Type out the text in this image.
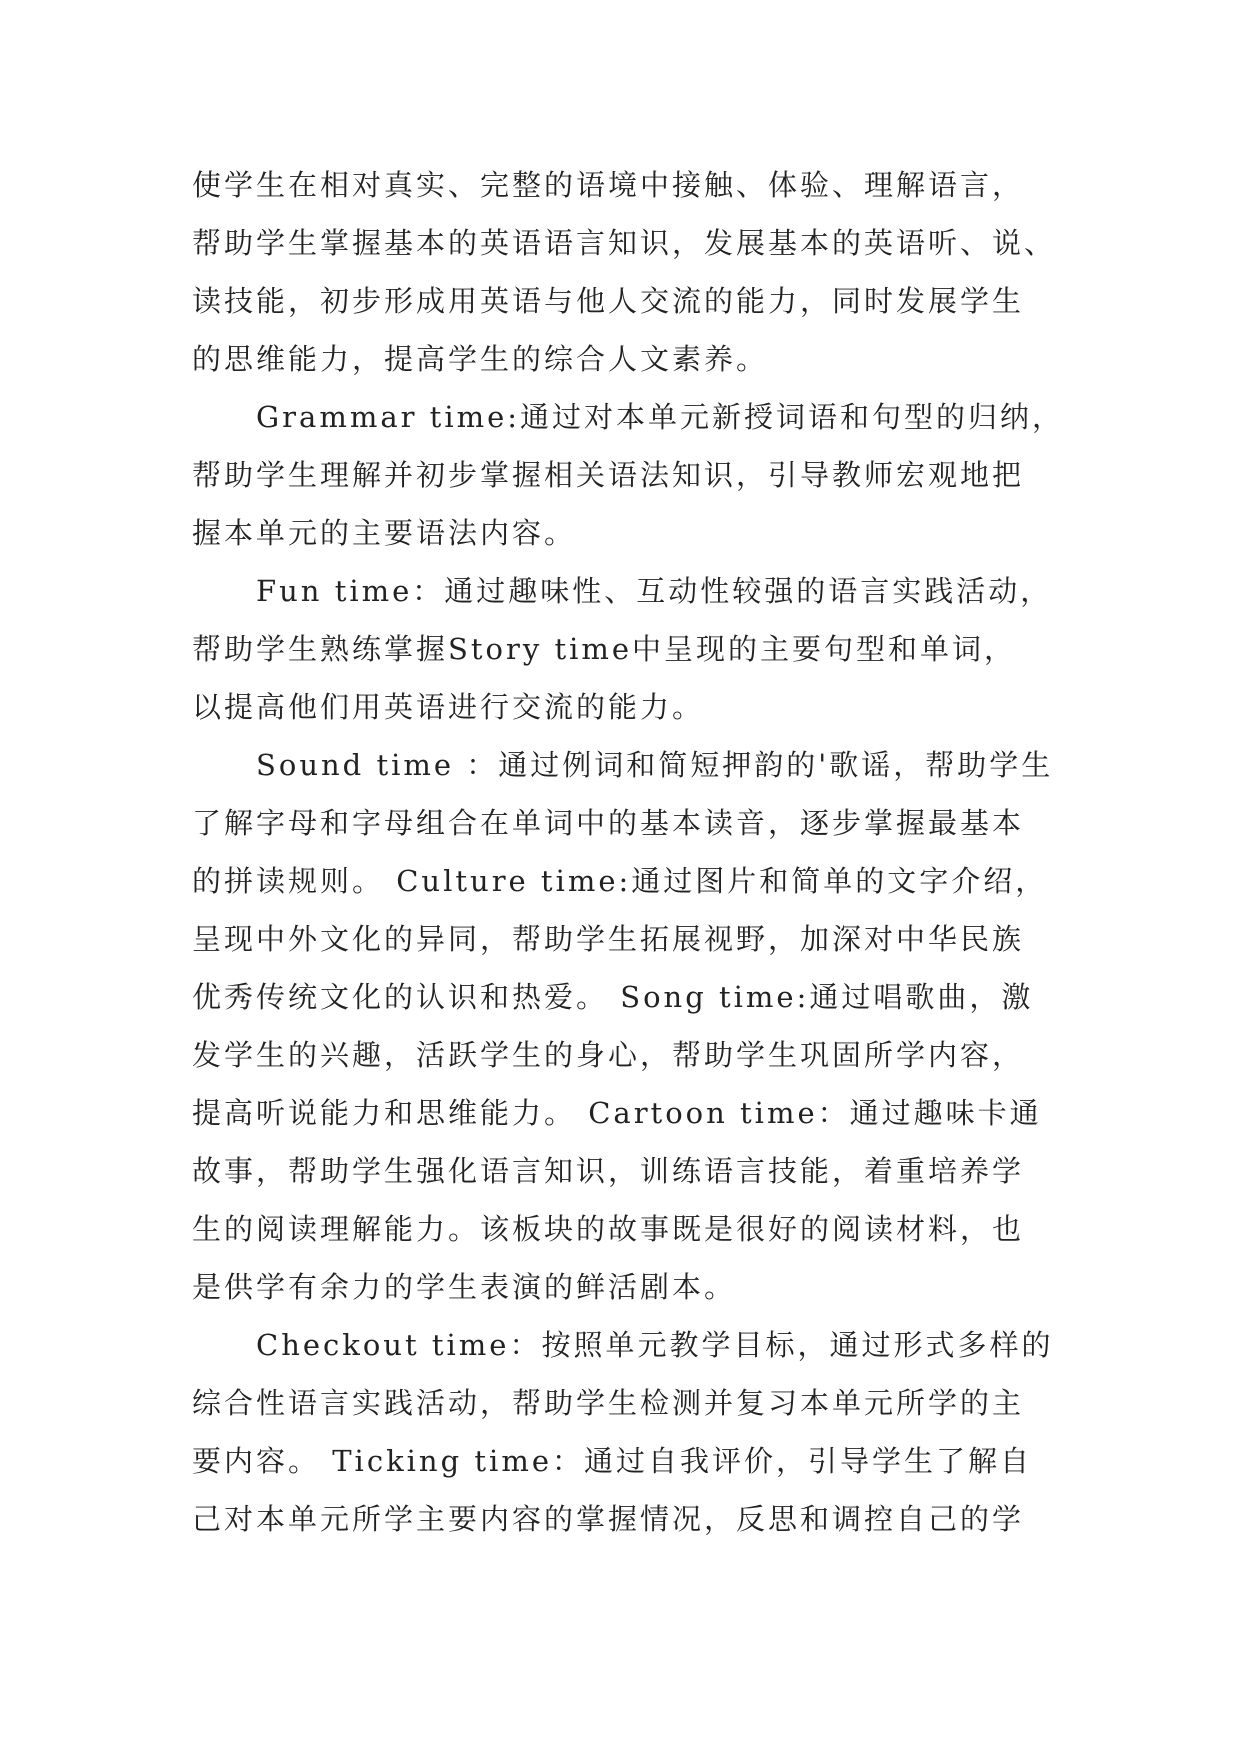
使学生在相对真实、完整的语境中接触、体验、理解语言，
帮助学生掌握基本的英语语言知识，发展基本的英语听、说、
读技能，初步形成用英语与他人交流的能力，同时发展学生
的思维能力，提高学生的综合人文素养。
　　Grammar time:通过对本单元新授词语和句型的归纳，
帮助学生理解并初步掌握相关语法知识，引导教师宏观地把
握本单元的主要语法内容。
　　Fun time：通过趣味性、互动性较强的语言实践活动，
帮助学生熟练掌握Story time中呈现的主要句型和单词，
以提高他们用英语进行交流的能力。
　　Sound time ：通过例词和简短押韵的'歌谣，帮助学生
了解字母和字母组合在单词中的基本读音，逐步掌握最基本
的拼读规则。 Culture time:通过图片和简单的文字介绍，
呈现中外文化的异同，帮助学生拓展视野，加深对中华民族
优秀传统文化的认识和热爱。 Song time:通过唱歌曲，激
发学生的兴趣，活跃学生的身心，帮助学生巩固所学内容，
提高听说能力和思维能力。 Cartoon time：通过趣味卡通
故事，帮助学生强化语言知识，训练语言技能，着重培养学
生的阅读理解能力。该板块的故事既是很好的阅读材料，也
是供学有余力的学生表演的鲜活剧本。
　　Checkout time：按照单元教学目标，通过形式多样的
综合性语言实践活动，帮助学生检测并复习本单元所学的主
要内容。 Ticking time：通过自我评价，引导学生了解自
己对本单元所学主要内容的掌握情况，反思和调控自己的学
